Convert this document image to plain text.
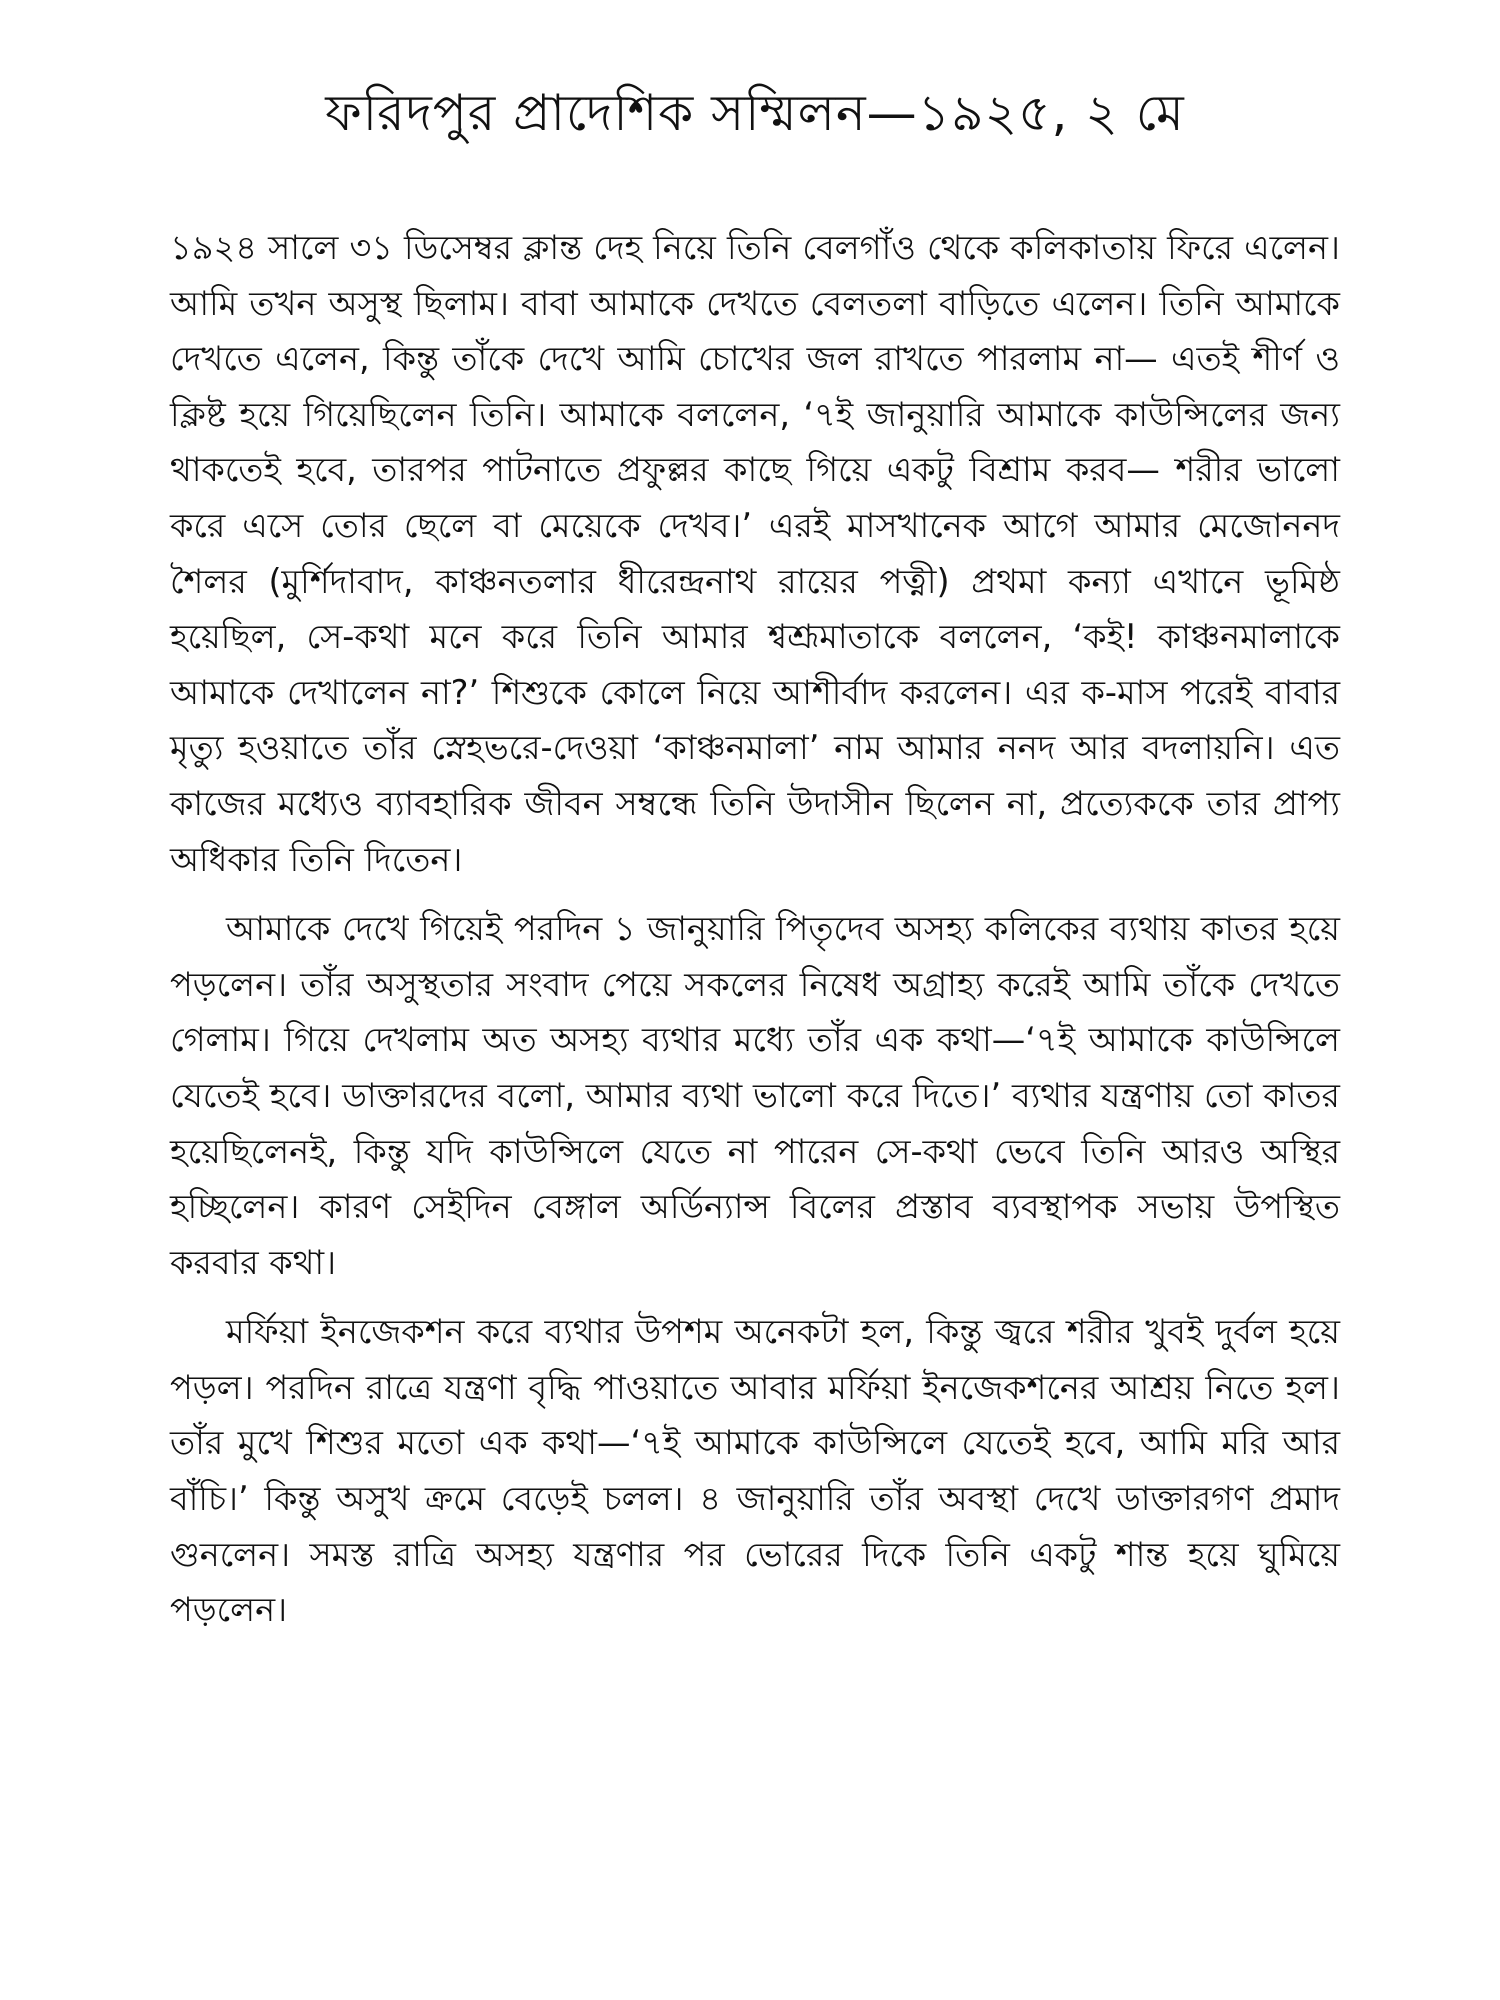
ফরিদপুর প্রাদেশিক সম্মিলন—১৯২৫, ২ মে

১৯২৪ সালে ৩১ ডিসেম্বর ক্লান্ত দেহ নিয়ে তিনি বেলগাঁও থেকে কলিকাতায় ফিরে এলেন। আমি তখন অসুস্থ ছিলাম। বাবা আমাকে দেখতে বেলতলা বাড়িতে এলেন। তিনি আমাকে দেখতে এলেন, কিন্তু তাঁকে দেখে আমি চোখের জল রাখতে পারলাম না— এতই শীর্ণ ও ক্লিষ্ট হয়ে গিয়েছিলেন তিনি। আমাকে বললেন, ‘৭ই জানুয়ারি আমাকে কাউন্সিলের জন্য থাকতেই হবে, তারপর পাটনাতে প্রফুল্লর কাছে গিয়ে একটু বিশ্রাম করব— শরীর ভালো করে এসে তোর ছেলে বা মেয়েকে দেখব।’ এরই মাসখানেক আগে আমার মেজোননদ শৈলর (মুর্শিদাবাদ, কাঞ্চনতলার ধীরেন্দ্রনাথ রায়ের পত্নী) প্রথমা কন্যা এখানে ভূমিষ্ঠ হয়েছিল, সে-কথা মনে করে তিনি আমার শ্বশ্রূমাতাকে বললেন, ‘কই! কাঞ্চনমালাকে আমাকে দেখালেন না?’ শিশুকে কোলে নিয়ে আশীর্বাদ করলেন। এর ক-মাস পরেই বাবার মৃত্যু হওয়াতে তাঁর স্নেহভরে-দেওয়া ‘কাঞ্চনমালা’ নাম আমার ননদ আর বদলায়নি। এত কাজের মধ্যেও ব্যাবহারিক জীবন সম্বন্ধে তিনি উদাসীন ছিলেন না, প্রত্যেককে তার প্রাপ্য অধিকার তিনি দিতেন।

আমাকে দেখে গিয়েই পরদিন ১ জানুয়ারি পিতৃদেব অসহ্য কলিকের ব্যথায় কাতর হয়ে পড়লেন। তাঁর অসুস্থতার সংবাদ পেয়ে সকলের নিষেধ অগ্রাহ্য করেই আমি তাঁকে দেখতে গেলাম। গিয়ে দেখলাম অত অসহ্য ব্যথার মধ্যে তাঁর এক কথা—‘৭ই আমাকে কাউন্সিলে যেতেই হবে। ডাক্তারদের বলো, আমার ব্যথা ভালো করে দিতে।’ ব্যথার যন্ত্রণায় তো কাতর হয়েছিলেনই, কিন্তু যদি কাউন্সিলে যেতে না পারেন সে-কথা ভেবে তিনি আরও অস্থির হচ্ছিলেন। কারণ সেইদিন বেঙ্গাল অর্ডিন্যান্স বিলের প্রস্তাব ব্যবস্থাপক সভায় উপস্থিত করবার কথা।

মর্ফিয়া ইনজেকশন করে ব্যথার উপশম অনেকটা হল, কিন্তু জ্বরে শরীর খুবই দুর্বল হয়ে পড়ল। পরদিন রাত্রে যন্ত্রণা বৃদ্ধি পাওয়াতে আবার মর্ফিয়া ইনজেকশনের আশ্রয় নিতে হল। তাঁর মুখে শিশুর মতো এক কথা—‘৭ই আমাকে কাউন্সিলে যেতেই হবে, আমি মরি আর বাঁচি।’ কিন্তু অসুখ ক্রমে বেড়েই চলল। ৪ জানুয়ারি তাঁর অবস্থা দেখে ডাক্তারগণ প্রমাদ গুনলেন। সমস্ত রাত্রি অসহ্য যন্ত্রণার পর ভোরের দিকে তিনি একটু শান্ত হয়ে ঘুমিয়ে পড়লেন।
